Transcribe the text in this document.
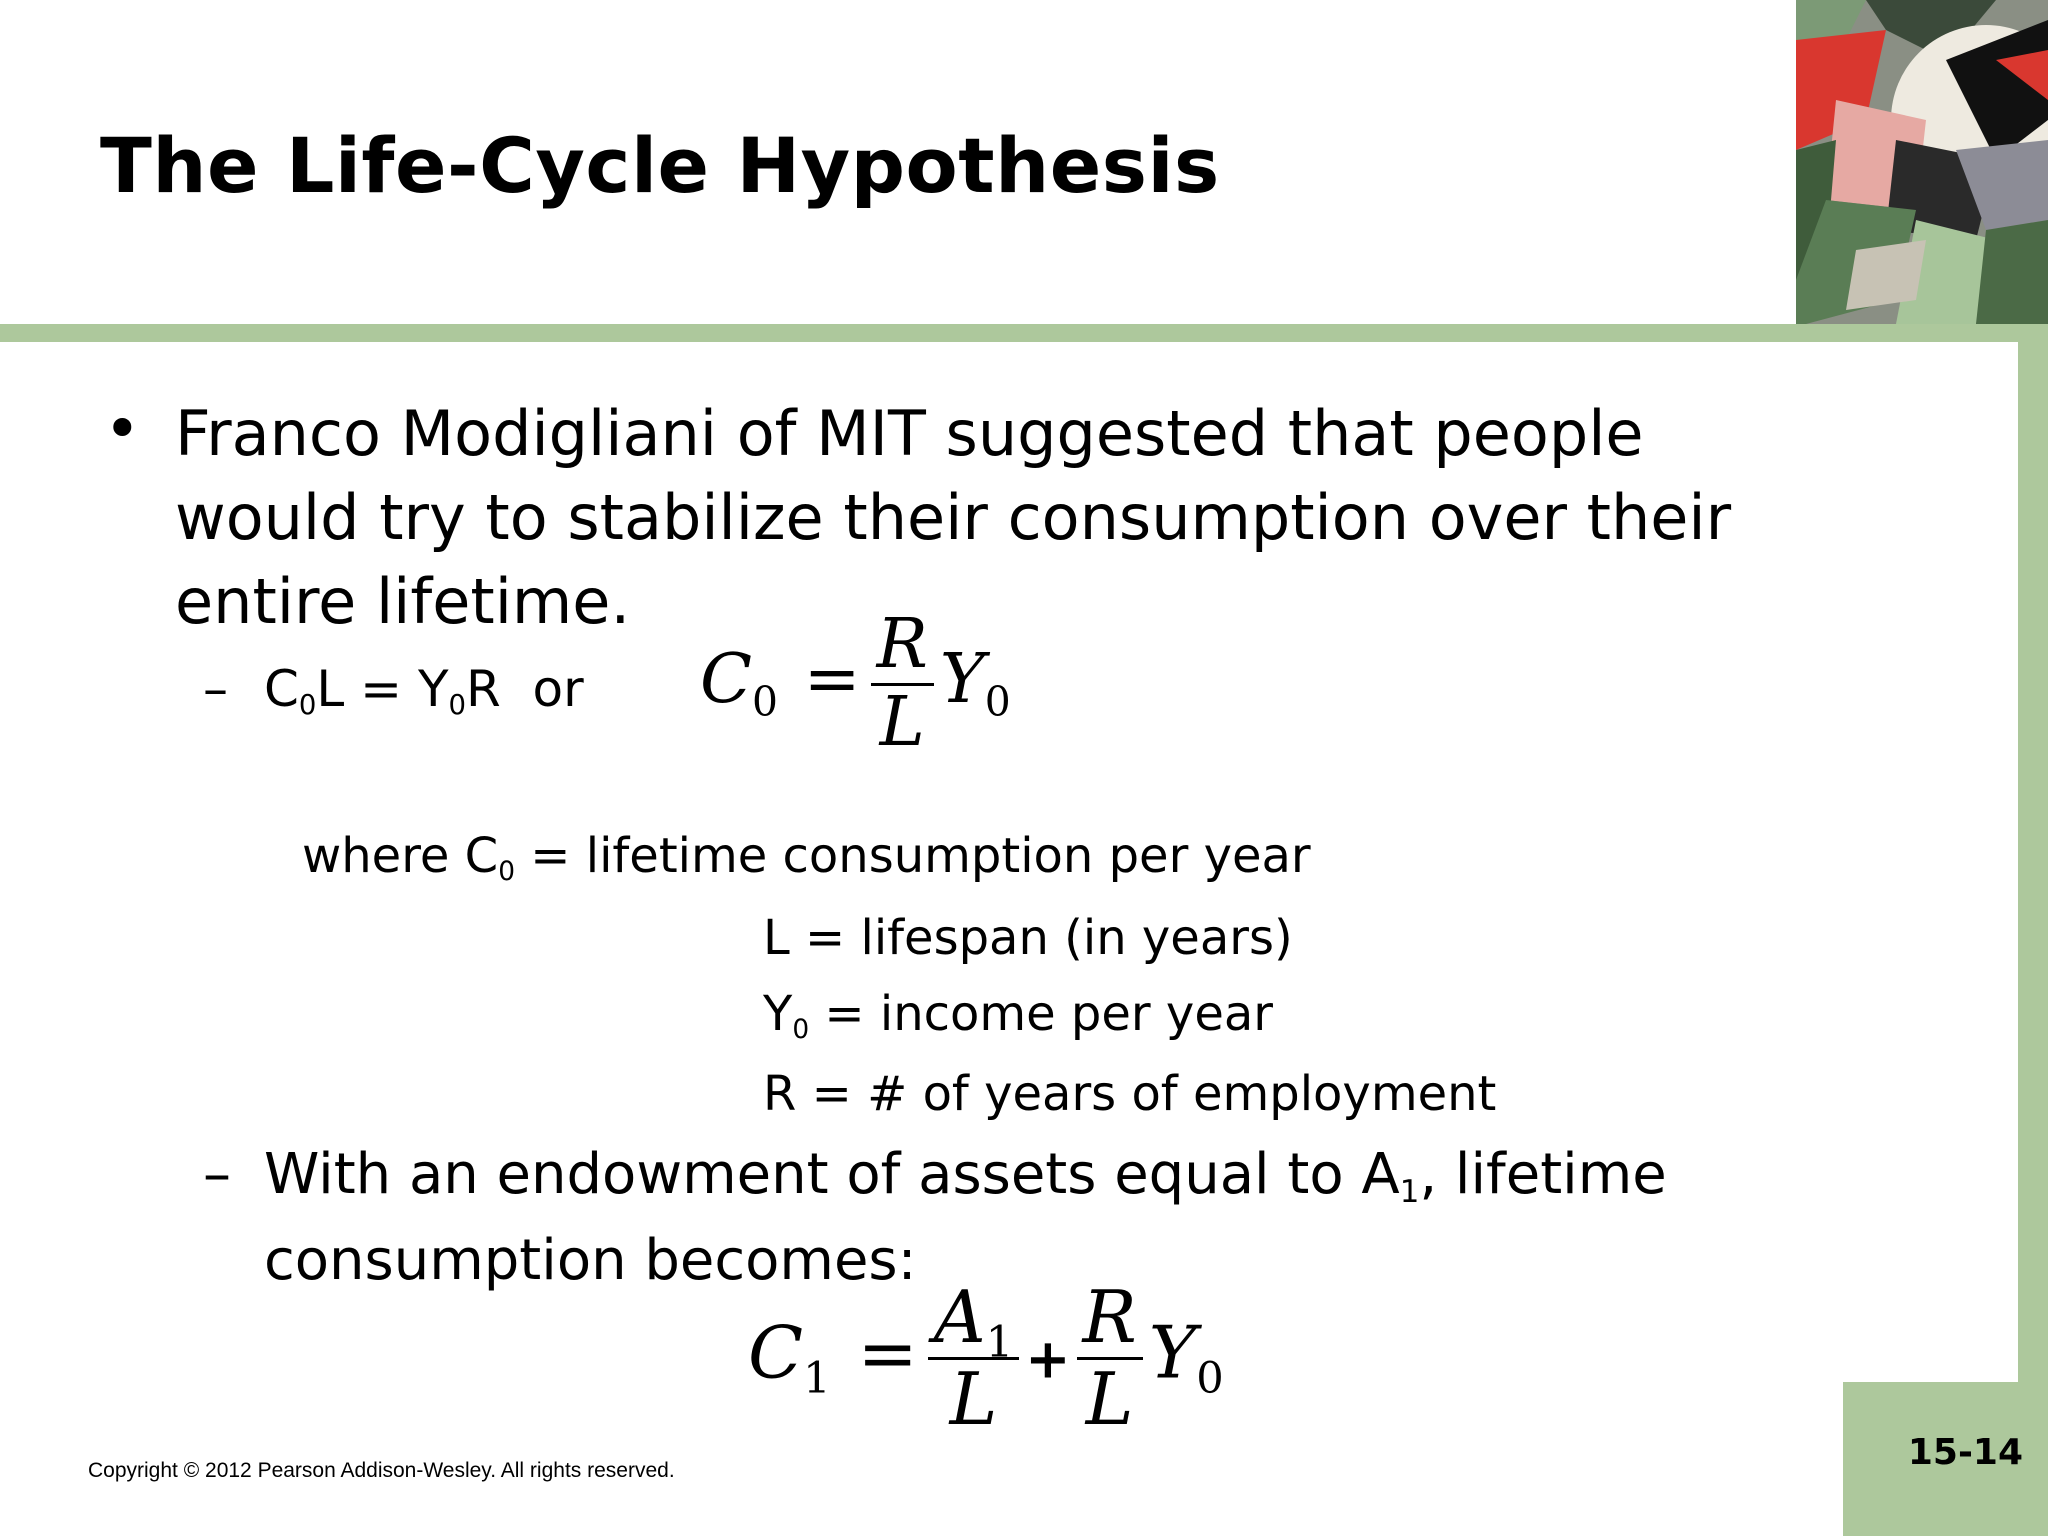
The Life-Cycle Hypothesis
15-14
• Franco Modigliani of MIT suggested that people
would try to stabilize their consumption over their
entire lifetime.
– C0L = Y0R  or $C_0 = \frac{R}{L} Y_0$
where C0 = lifetime consumption per year
L = lifespan (in years)
Y0 = income per year
R = # of years of employment
– With an endowment of assets equal to A1, lifetime
consumption becomes:
$C_1 = \frac{A_1}{L} + \frac{R}{L} Y_0$
Copyright © 2012 Pearson Addison-Wesley. All rights reserved.
